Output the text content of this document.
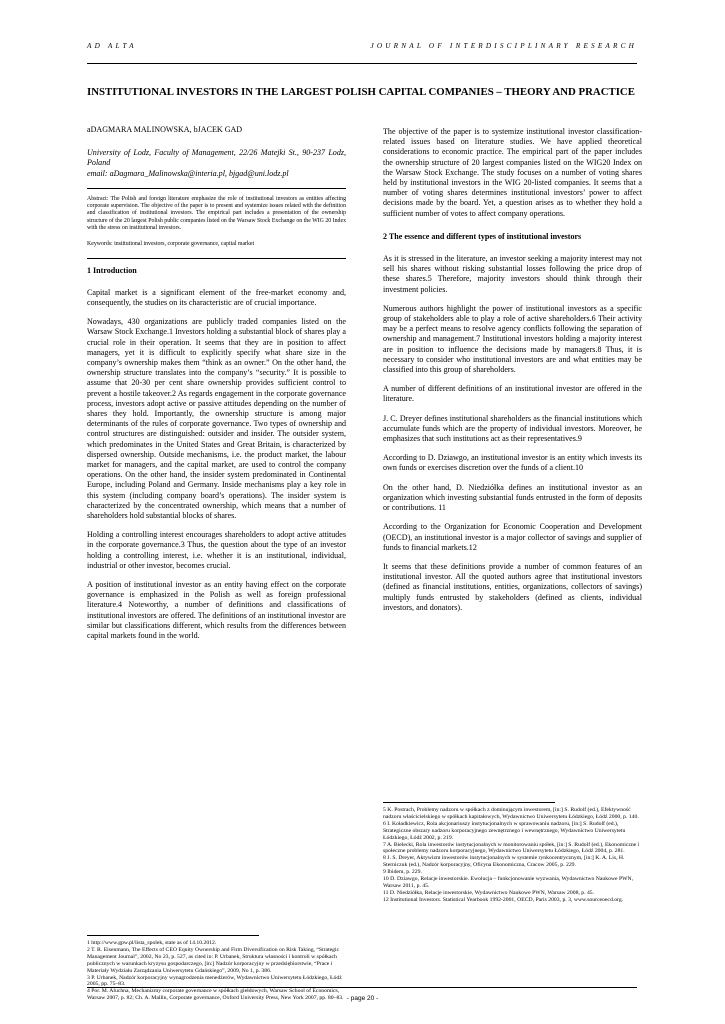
AD ALTA	JOURNAL OF INTERDISCIPLINARY RESEARCH
INSTITUTIONAL INVESTORS IN THE LARGEST POLISH CAPITAL COMPANIES – THEORY AND PRACTICE

aDAGMARA MALINOWSKA, bJACEK GAD

University of Lodz, Faculty of Management, 22/26 Matejki St., 90-237 Lodz, Poland

email: aDagmara_Malinowska@interia.pl, bjgad@uni.lodz.pl

Abstract: The Polish and foreign literature emphasize the role of institutional investors as entities affecting corporate supervision. The objective of the paper is to present and systemize issues related with the definition and classification of institutional investors. The empirical part includes a presentation of the ownership structure of the 20 largest Polish public companies listed on the Warsaw Stock Exchange on the WIG 20 Index with the stress on institutional investors.

Keywords: institutional investors, corporate governance, capital market

1 Introduction

Capital market is a significant element of the free-market economy and, consequently, the studies on its characteristic are of crucial importance.

Nowadays, 430 organizations are publicly traded companies listed on the Warsaw Stock Exchange.1 Investors holding a substantial block of shares play a crucial role in their operation. It seems that they are in position to affect managers, yet it is difficult to explicitly specify what share size in the company’s ownership makes them “think as an owner.” On the other hand, the ownership structure translates into the company’s “security.” It is possible to assume that 20-30 per cent share ownership provides sufficient control to prevent a hostile takeover.2 As regards engagement in the corporate governance process, investors adopt active or passive attitudes depending on the number of shares they hold. Importantly, the ownership structure is among major determinants of the rules of corporate governance. Two types of ownership and control structures are distinguished: outsider and insider. The outsider system, which predominates in the United States and Great Britain, is characterized by dispersed ownership. Outside mechanisms, i.e. the product market, the labour market for managers, and the capital market, are used to control the company operations. On the other hand, the insider system predominated in Continental Europe, including Poland and Germany. Inside mechanisms play a key role in this system (including company board’s operations). The insider system is characterized by the concentrated ownership, which means that a number of shareholders hold substantial blocks of shares.

Holding a controlling interest encourages shareholders to adopt active attitudes in the corporate governance.3 Thus, the question about the type of an investor holding a controlling interest, i.e. whether it is an institutional, individual, industrial or other investor, becomes crucial.

A position of institutional investor as an entity having effect on the corporate governance is emphasized in the Polish as well as foreign professional literature.4 Noteworthy, a number of definitions and classifications of institutional investors are offered. The definitions of an institutional investor are similar but classifications different, which results from the differences between capital markets found in the world.

1 http://www.gpw.pl/lista_spolek, state as of 14.10.2012.

2 T. R. Eisenmann, The Effects of CEO Equity Ownership and Firm Diversification on Risk Taking, “Strategic Management Journal”, 2002, No 23, p. 527, as cited in: P. Urbanek, Struktura własności i kontroli w spółkach publicznych w warunkach kryzysu gospodarczego, [in:] Nadzór korporacyjny w przedsiębiorstwie, “Prace i Materiały Wydziału Zarządzania Uniwersytetu Gdańskiego”, 2009, No 1, p. 386.

3 P. Urbanek, Nadzór korporacyjny wynagrodzenia menedżerów, Wydawnictwo Uniwersytetu Łódzkiego, Łódź 2005, pp. 75–83.

4 Por. M. Aluchna, Mechanizmy corporate governance w spółkach giełdowych, Warsaw School of Economics, Warsaw 2007, p. 82; Ch. A. Mallin, Corporate governance, Oxford University Press, New York 2007, pp. 80–83.

The objective of the paper is to systemize institutional investor classification-related issues based on literature studies. We have applied theoretical considerations to economic practice. The empirical part of the paper includes the ownership structure of 20 largest companies listed on the WIG20 Index on the Warsaw Stock Exchange. The study focuses on a number of voting shares held by institutional investors in the WIG 20-listed companies. It seems that a number of voting shares determines institutional investors’ power to affect decisions made by the board. Yet, a question arises as to whether they hold a sufficient number of votes to affect company operations.

2 The essence and different types of institutional investors

As it is stressed in the literature, an investor seeking a majority interest may not sell his shares without risking substantial losses following the price drop of these shares.5 Therefore, majority investors should think through their investment policies.

Numerous authors highlight the power of institutional investors as a specific group of stakeholders able to play a role of active shareholders.6 Their activity may be a perfect means to resolve agency conflicts following the separation of ownership and management.7 Institutional investors holding a majority interest are in position to influence the decisions made by managers.8 Thus, it is necessary to consider who institutional investors are and what entities may be classified into this group of shareholders.

A number of different definitions of an institutional investor are offered in the literature.

J. C. Dreyer defines institutional shareholders as the financial institutions which accumulate funds which are the property of individual investors. Moreover, he emphasizes that such institutions act as their representatives.9

According to D. Dziawgo, an institutional investor is an entity which invests its own funds or exercises discretion over the funds of a client.10

On the other hand, D. Niedziółka defines an institutional investor as an organization which investing substantial funds entrusted in the form of deposits or contributions. 11

According to the Organization for Economic Cooperation and Development (OECD), an institutional investor is a major collector of savings and supplier of funds to financial markets.12

It seems that these definitions provide a number of common features of an institutional investor. All the quoted authors agree that institutional investors (defined as financial institutions, entities, organizations, collectors of savings) multiply funds entrusted by stakeholders (defined as clients, individual investors, and donators).

5 K. Postrach, Problemy nadzoru w spółkach z dominującym inwestorem, [in:] S. Rudolf (ed.), Efektywność nadzoru właścicielskiego w spółkach kapitałowych, Wydawnictwo Uniwersytetu Łódzkiego, Łódź 2000, p. 140.

6 I. Koładkiewicz, Rola akcjonariuszy instytucjonalnych w sprawowaniu nadzoru, [in:] S. Rudolf (ed.), Strategiczne obszary nadzoru korporacyjnego zewnętrznego i wewnętrznego, Wydawnictwo Uniwersytetu Łódzkiego, Łódź 2002, p. 219.

7 A. Bielecki, Rola inwestorów instytucjonalnych w monitorowaniu spółek, [in:] S. Rudolf (ed.), Ekonomiczne i społeczne problemy nadzoru korporacyjnego, Wydawnictwo Uniwersytetu Łódzkiego, Łódź 2004, p. 281.

8 J. S. Dreyer, Aktywizm inwestorów instytucjonalnych w systemie rynkocentrycznym, [in:] K. A. Lis, H. Sterniczuk (ed.), Nadzór korporacyjny, Oficyna Ekonomiczna, Cracow 2005, p. 229.

9 Ibidem, p. 229.

10 D. Dziawgo, Relacje inwestorskie. Ewolucja – funkcjonowanie wyzwania, Wydawnictwo Naukowe PWN, Warsaw 2011, p. 45.

11 D. Niedziółka, Relacje inwestorskie, Wydawnictwo Naukowe PWN, Warsaw 2008, p. 45.

12 Institutional Investors. Statistical Yearbook 1992-2001, OECD, Paris 2003, p. 3, www.sourceoecd.org.

- page 20 -
